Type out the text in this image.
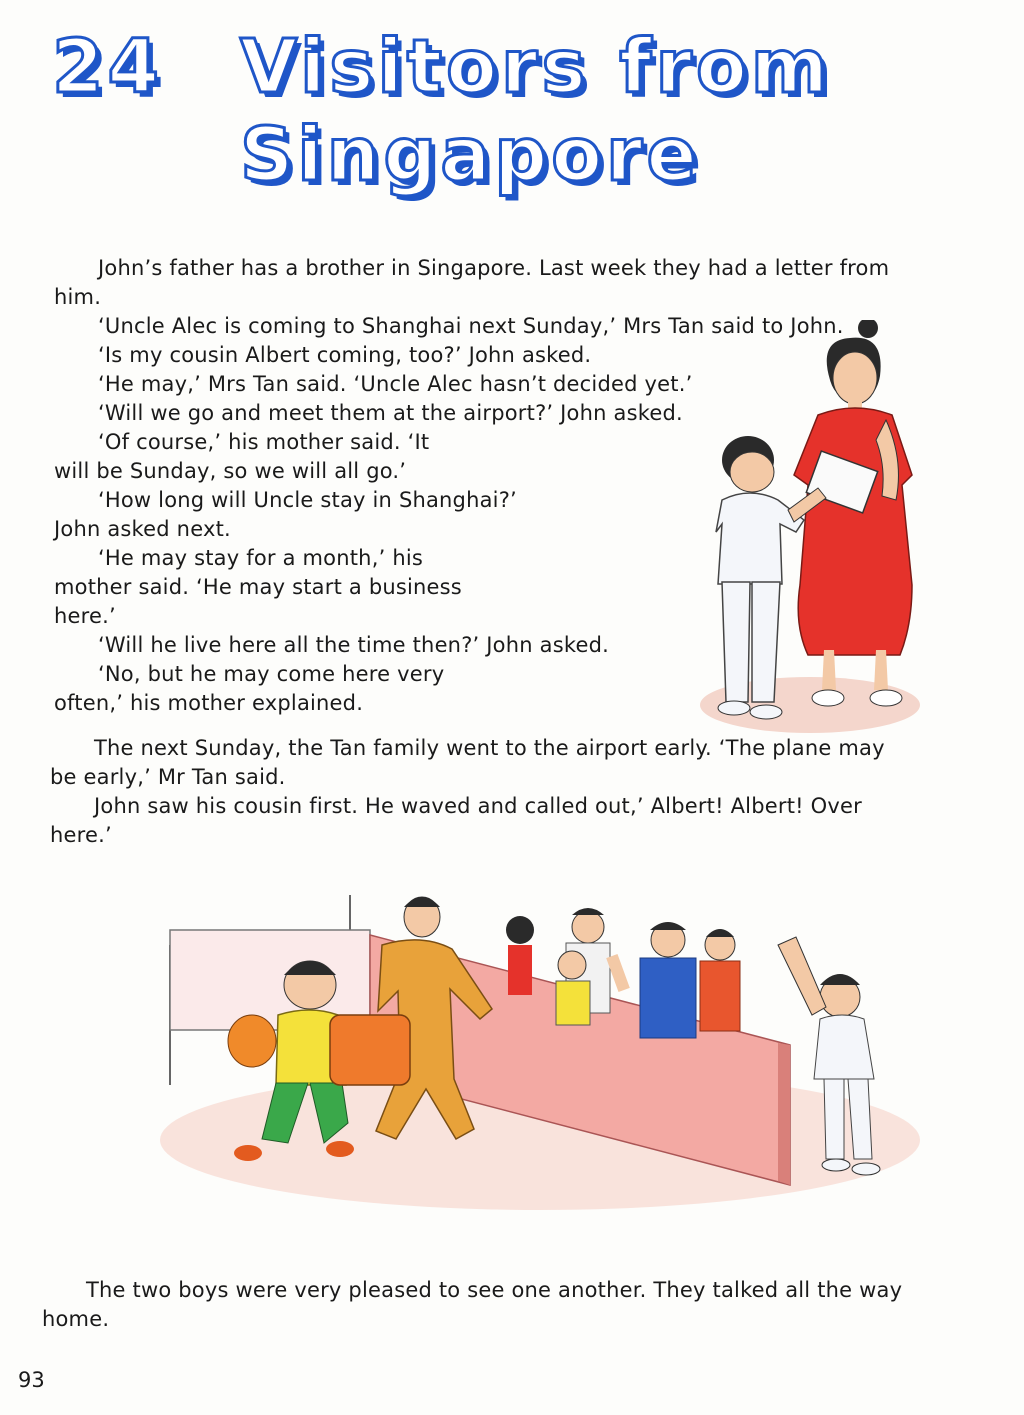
24 Visitors from
Singapore
John’s father has a brother in Singapore. Last week they had a letter from
him.
‘Uncle Alec is coming to Shanghai next Sunday,’ Mrs Tan said to John.
‘Is my cousin Albert coming, too?’ John asked.
‘He may,’ Mrs Tan said. ‘Uncle Alec hasn’t decided yet.’
‘Will we go and meet them at the airport?’ John asked.
‘Of course,’ his mother said. ‘It
will be Sunday, so we will all go.’
‘How long will Uncle stay in Shanghai?’
John asked next.
‘He may stay for a month,’ his
mother said. ‘He may start a business
here.’
‘Will he live here all the time then?’ John asked.
‘No, but he may come here very
often,’ his mother explained.
The next Sunday, the Tan family went to the airport early. ‘The plane may
be early,’ Mr Tan said.
John saw his cousin first. He waved and called out,’ Albert! Albert! Over
here.’
The two boys were very pleased to see one another. They talked all the way
home.
93
